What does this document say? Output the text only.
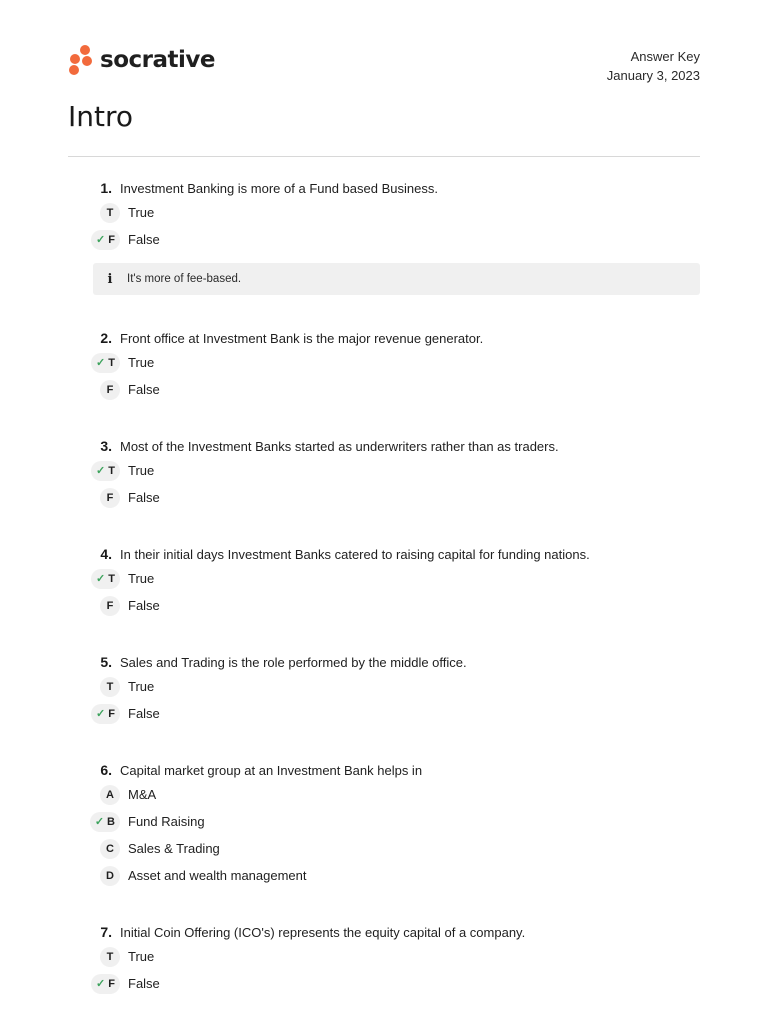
socrative	Answer Key
January 3, 2023
Intro
1. Investment Banking is more of a Fund based Business.
T True
✓ F False
i	It's more of fee-based.
2. Front office at Investment Bank is the major revenue generator.
✓ T True
F False
3. Most of the Investment Banks started as underwriters rather than as traders.
✓ T True
F False
4. In their initial days Investment Banks catered to raising capital for funding nations.
✓ T True
F False
5. Sales and Trading is the role performed by the middle office.
T True
✓ F False
6. Capital market group at an Investment Bank helps in
A M&A
✓ B Fund Raising
C Sales & Trading
D Asset and wealth management
7. Initial Coin Offering (ICO's) represents the equity capital of a company.
T True
✓ F False
